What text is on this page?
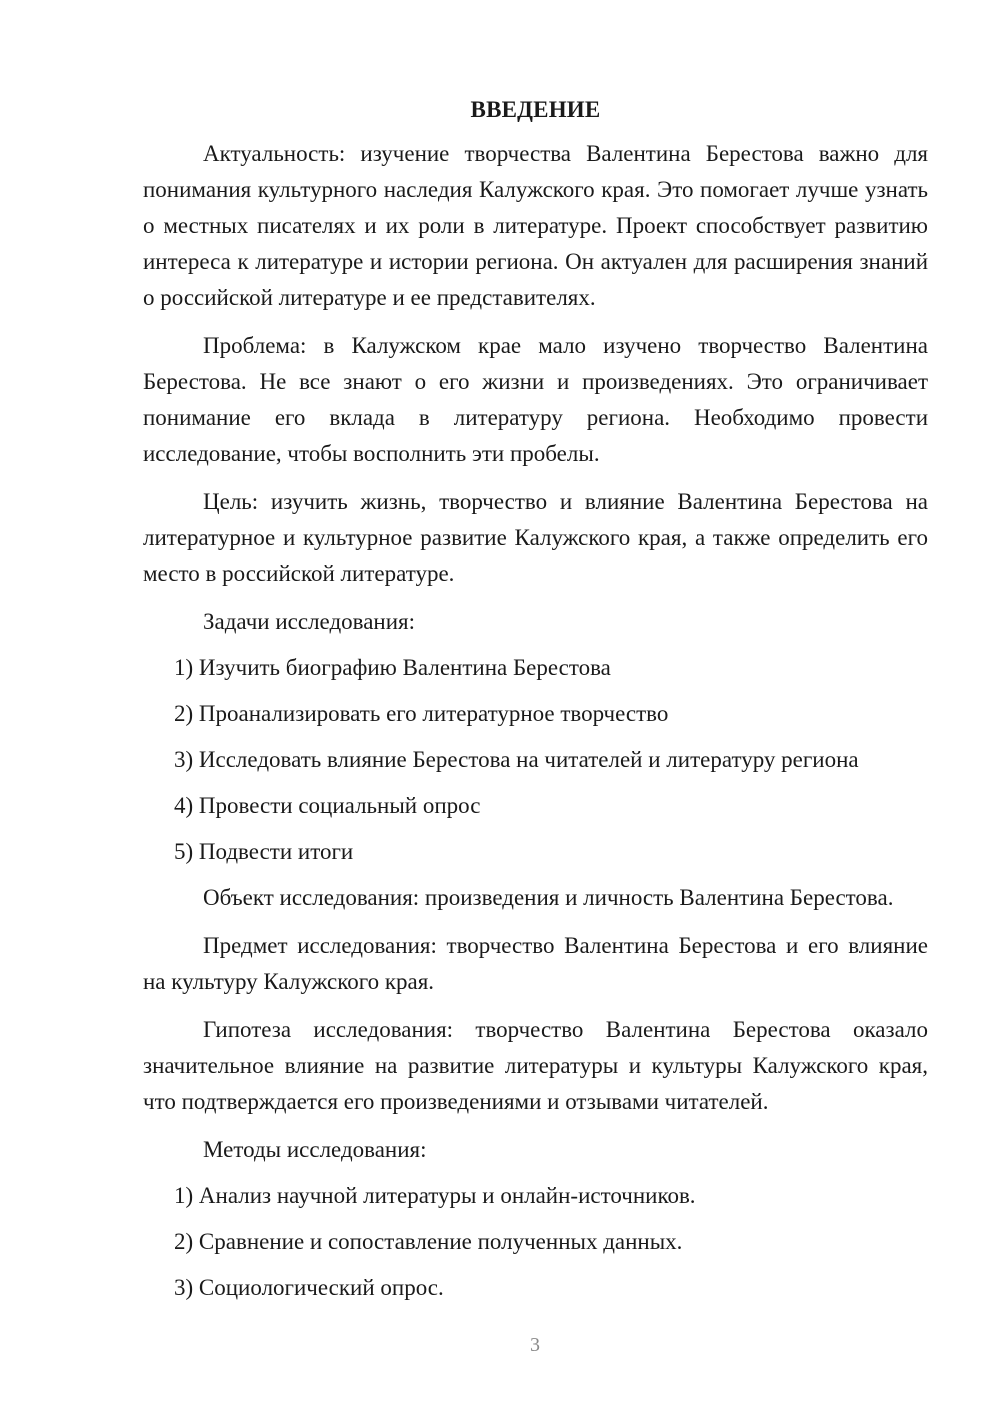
ВВЕДЕНИЕ

Актуальность: изучение творчества Валентина Берестова важно для понимания культурного наследия Калужского края. Это помогает лучше узнать о местных писателях и их роли в литературе. Проект способствует развитию интереса к литературе и истории региона. Он актуален для расширения знаний о российской литературе и ее представителях.

Проблема: в Калужском крае мало изучено творчество Валентина Берестова. Не все знают о его жизни и произведениях. Это ограничивает понимание его вклада в литературу региона. Необходимо провести исследование, чтобы восполнить эти пробелы.

Цель: изучить жизнь, творчество и влияние Валентина Берестова на литературное и культурное развитие Калужского края, а также определить его место в российской литературе.

Задачи исследования:

1) Изучить биографию Валентина Берестова

2) Проанализировать его литературное творчество

3) Исследовать влияние Берестова на читателей и литературу региона

4) Провести социальный опрос

5) Подвести итоги

Объект исследования: произведения и личность Валентина Берестова.

Предмет исследования: творчество Валентина Берестова и его влияние на культуру Калужского края.

Гипотеза исследования: творчество Валентина Берестова оказало значительное влияние на развитие литературы и культуры Калужского края, что подтверждается его произведениями и отзывами читателей.

Методы исследования:

1) Анализ научной литературы и онлайн-источников.

2) Сравнение и сопоставление полученных данных.

3) Социологический опрос.

3
